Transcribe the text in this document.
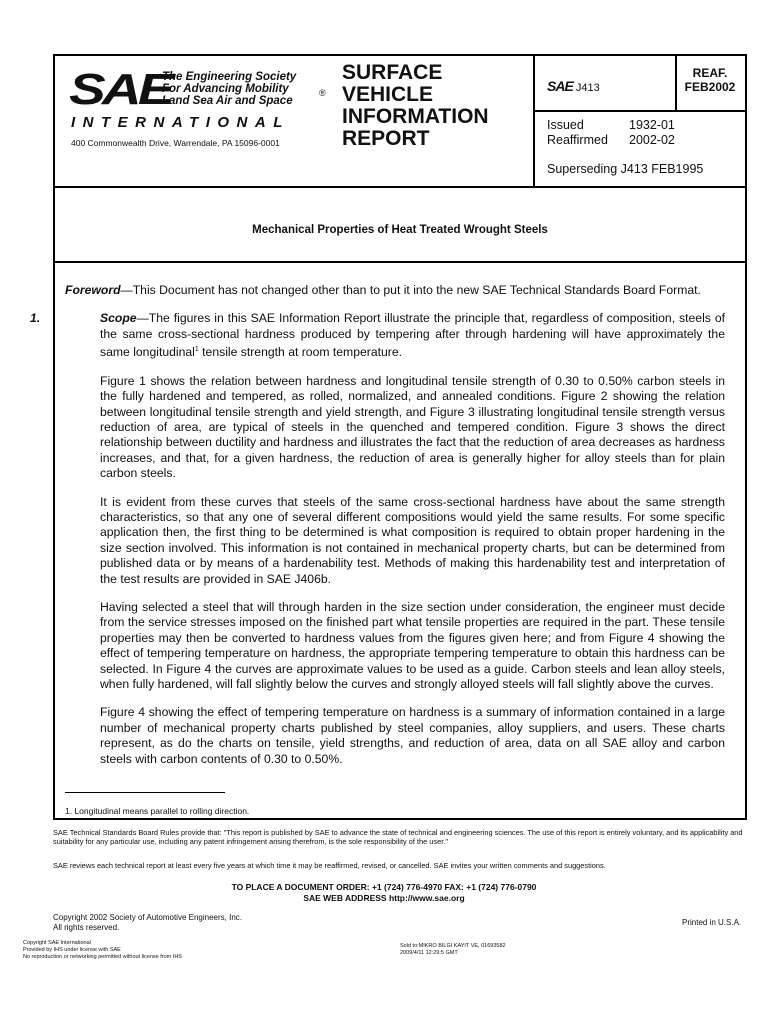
SAE
The Engineering Society
For Advancing Mobility
Land Sea Air and Space
®
INTERNATIONAL
400 Commonwealth Drive, Warrendale, PA 15096-0001
SURFACE
VEHICLE
INFORMATION
REPORT
SAE J413
REAF.
FEB2002
Issued	1932-01
Reaffirmed	2002-02
Superseding J413 FEB1995
Mechanical Properties of Heat Treated Wrought Steels

Foreword—This Document has not changed other than to put it into the new SAE Technical Standards Board Format.

1.	Scope—The figures in this SAE Information Report illustrate the principle that, regardless of composition, steels of the same cross-sectional hardness produced by tempering after through hardening will have approximately the same longitudinal$^1$ tensile strength at room temperature.

Figure 1 shows the relation between hardness and longitudinal tensile strength of 0.30 to 0.50% carbon steels in the fully hardened and tempered, as rolled, normalized, and annealed conditions. Figure 2 showing the relation between longitudinal tensile strength and yield strength, and Figure 3 illustrating longitudinal tensile strength versus reduction of area, are typical of steels in the quenched and tempered condition. Figure 3 shows the direct relationship between ductility and hardness and illustrates the fact that the reduction of area decreases as hardness increases, and that, for a given hardness, the reduction of area is generally higher for alloy steels than for plain carbon steels.

It is evident from these curves that steels of the same cross-sectional hardness have about the same strength characteristics, so that any one of several different compositions would yield the same results. For some specific application then, the first thing to be determined is what composition is required to obtain proper hardening in the size section involved. This information is not contained in mechanical property charts, but can be determined from published data or by means of a hardenability test. Methods of making this hardenability test and interpretation of the test results are provided in SAE J406b.

Having selected a steel that will through harden in the size section under consideration, the engineer must decide from the service stresses imposed on the finished part what tensile properties are required in the part. These tensile properties may then be converted to hardness values from the figures given here; and from Figure 4 showing the effect of tempering temperature on hardness, the appropriate tempering temperature to obtain this hardness can be selected. In Figure 4 the curves are approximate values to be used as a guide. Carbon steels and lean alloy steels, when fully hardened, will fall slightly below the curves and strongly alloyed steels will fall slightly above the curves.

Figure 4 showing the effect of tempering temperature on hardness is a summary of information contained in a large number of mechanical property charts published by steel companies, alloy suppliers, and users. These charts represent, as do the charts on tensile, yield strengths, and reduction of area, data on all SAE alloy and carbon steels with carbon contents of 0.30 to 0.50%.

1. Longitudinal means parallel to rolling direction.
SAE Technical Standards Board Rules provide that: "This report is published by SAE to advance the state of technical and engineering sciences. The use of this report is entirely voluntary, and its applicability and suitability for any particular use, including any patent infringement arising therefrom, is the sole responsibility of the user."
SAE reviews each technical report at least every five years at which time it may be reaffirmed, revised, or cancelled. SAE invites your written comments and suggestions.
TO PLACE A DOCUMENT ORDER: +1 (724) 776-4970 FAX: +1 (724) 776-0790
SAE WEB ADDRESS http://www.sae.org
Copyright 2002 Society of Automotive Engineers, Inc.
All rights reserved.
Printed in U.S.A.
Copyright SAE International
Provided by IHS under license with SAE
No reproduction or networking permitted without license from IHS
Sold to:MIKRO BILGI KAYIT VE, 01693582
2009/4/11 12:29:5 GMT
